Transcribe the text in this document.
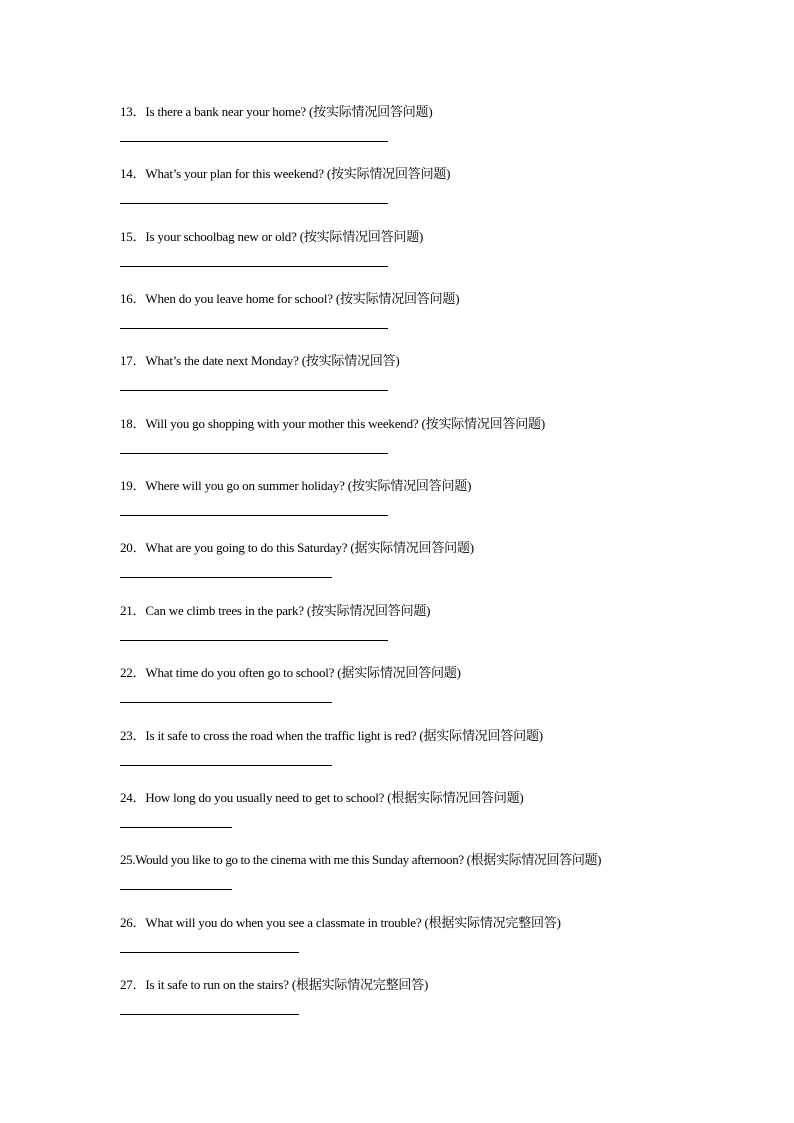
13．Is there a bank near your home? (按实际情况回答问题)
14．What’s your plan for this weekend? (按实际情况回答问题)
15．Is your schoolbag new or old? (按实际情况回答问题)
16．When do you leave home for school? (按实际情况回答问题)
17．What’s the date next Monday? (按实际情况回答)
18．Will you go shopping with your mother this weekend? (按实际情况回答问题)
19．Where will you go on summer holiday? (按实际情况回答问题)
20．What are you going to do this Saturday? (据实际情况回答问题)
21．Can we climb trees in the park? (按实际情况回答问题)
22．What time do you often go to school? (据实际情况回答问题)
23．Is it safe to cross the road when the traffic light is red? (据实际情况回答问题)
24．How long do you usually need to get to school? (根据实际情况回答问题)
25.Would you like to go to the cinema with me this Sunday afternoon? (根据实际情况回答问题)
26．What will you do when you see a classmate in trouble? (根据实际情况完整回答)
27．Is it safe to run on the stairs? (根据实际情况完整回答)
